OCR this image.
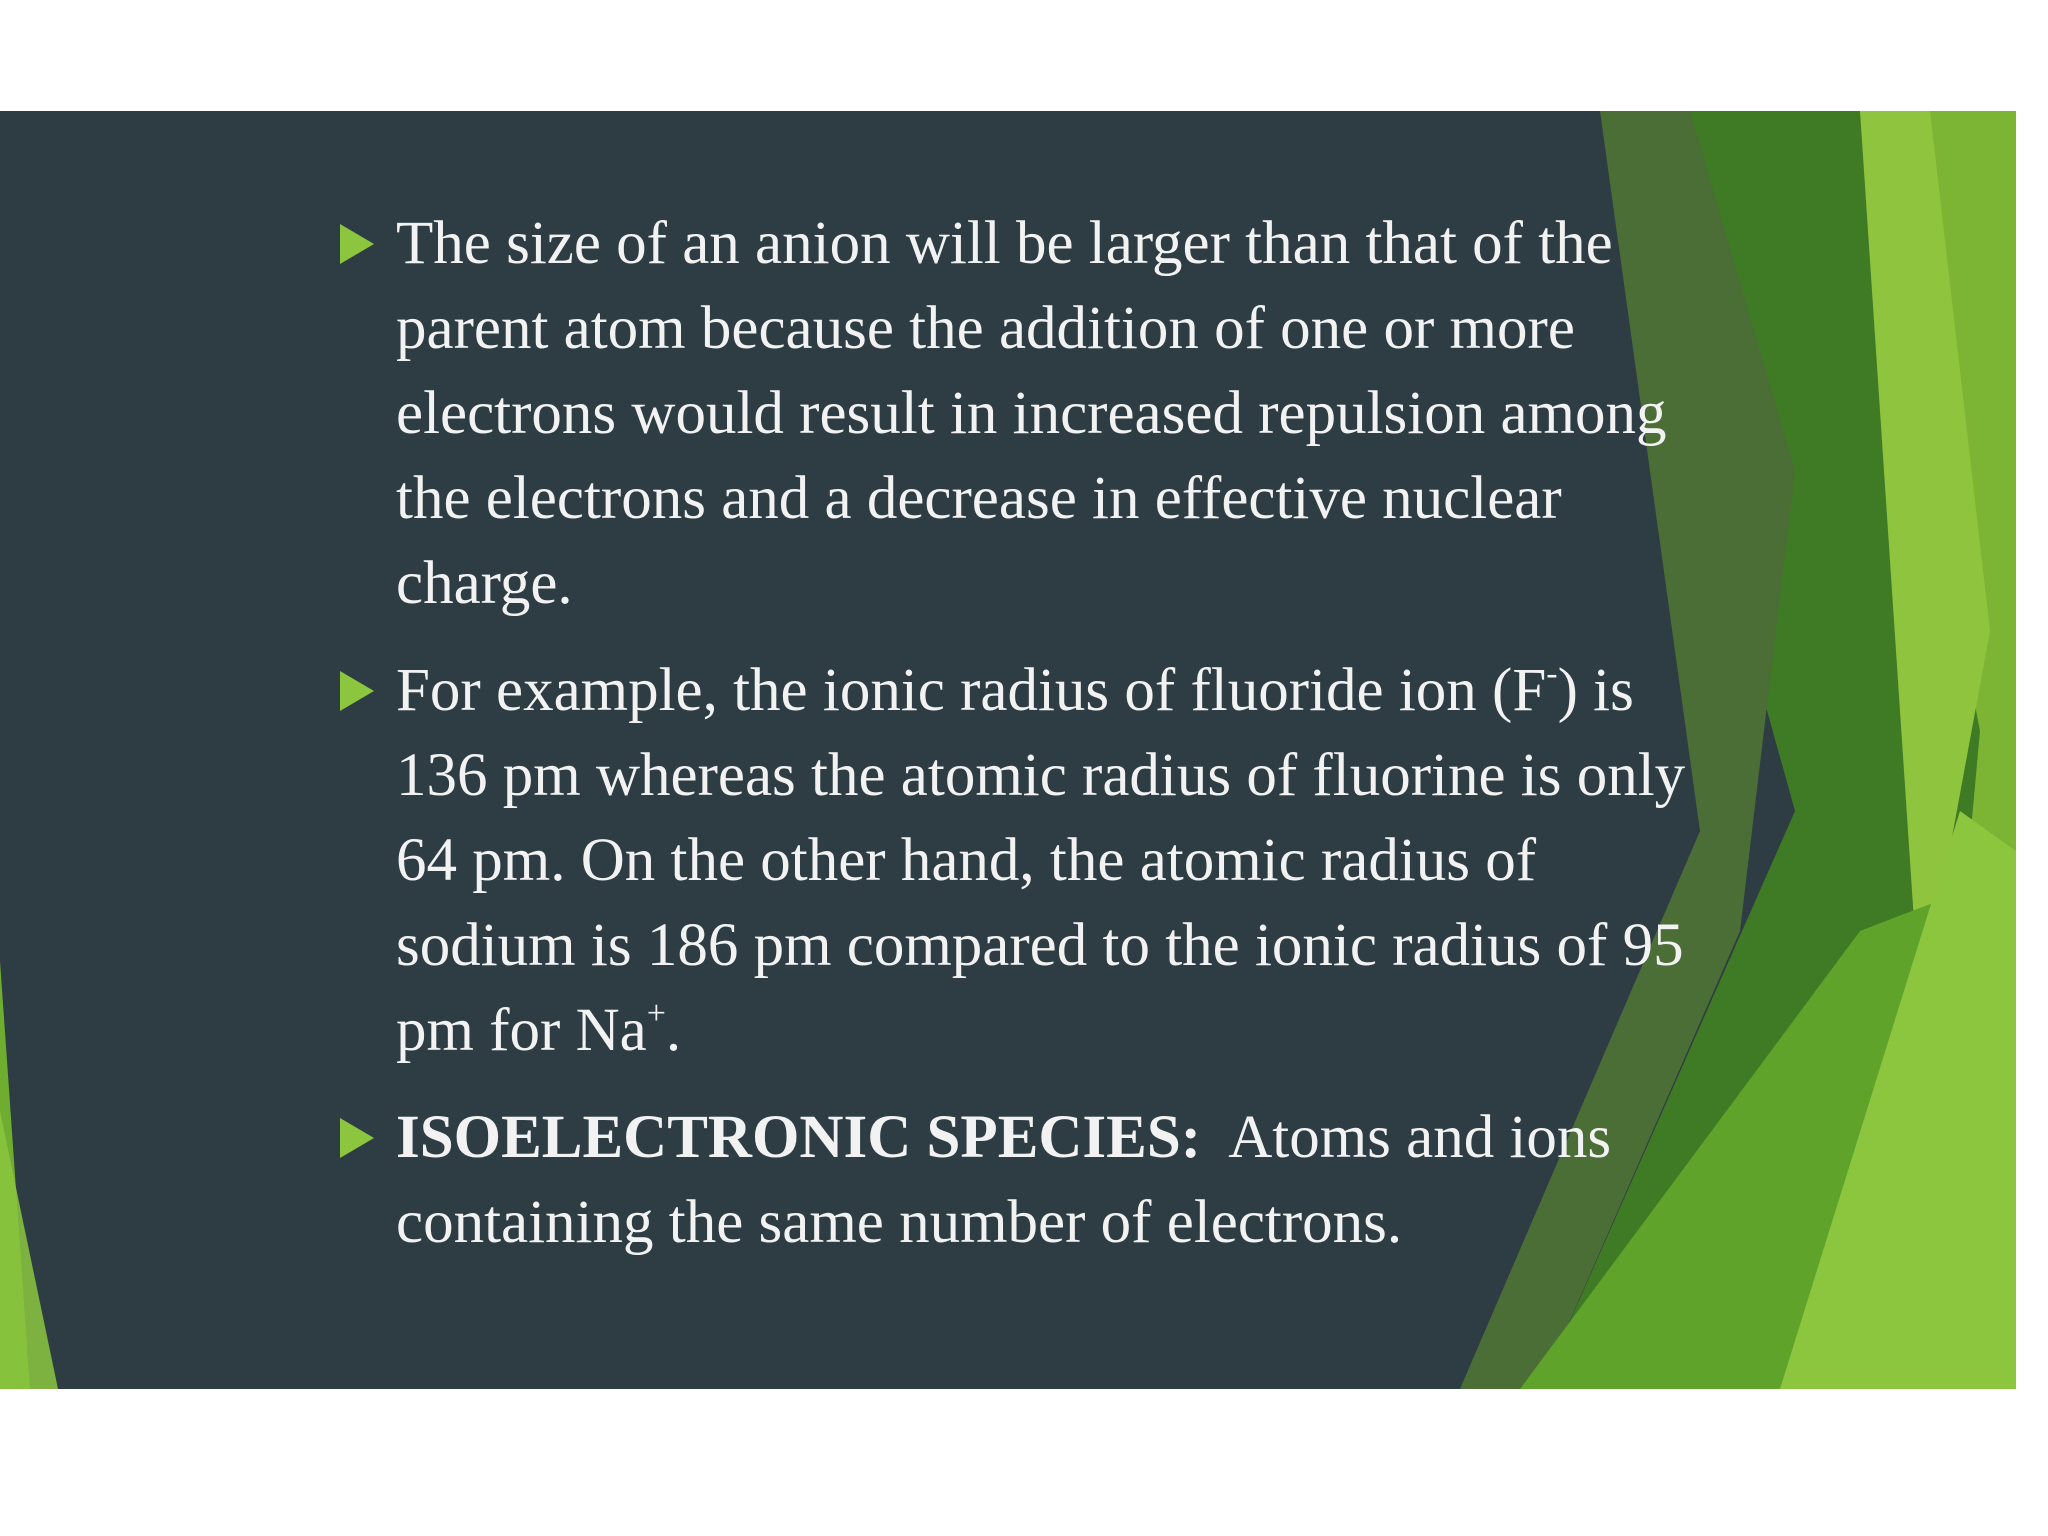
The size of an anion will be larger than that of the parent atom because the addition of one or more electrons would result in increased repulsion among the electrons and a decrease in effective nuclear charge.
For example, the ionic radius of fluoride ion (F-) is 136 pm whereas the atomic radius of fluorine is only 64 pm. On the other hand, the atomic radius of sodium is 186 pm compared to the ionic radius of 95 pm for Na+.
ISOELECTRONIC SPECIES:  Atoms and ions containing the same number of electrons.
